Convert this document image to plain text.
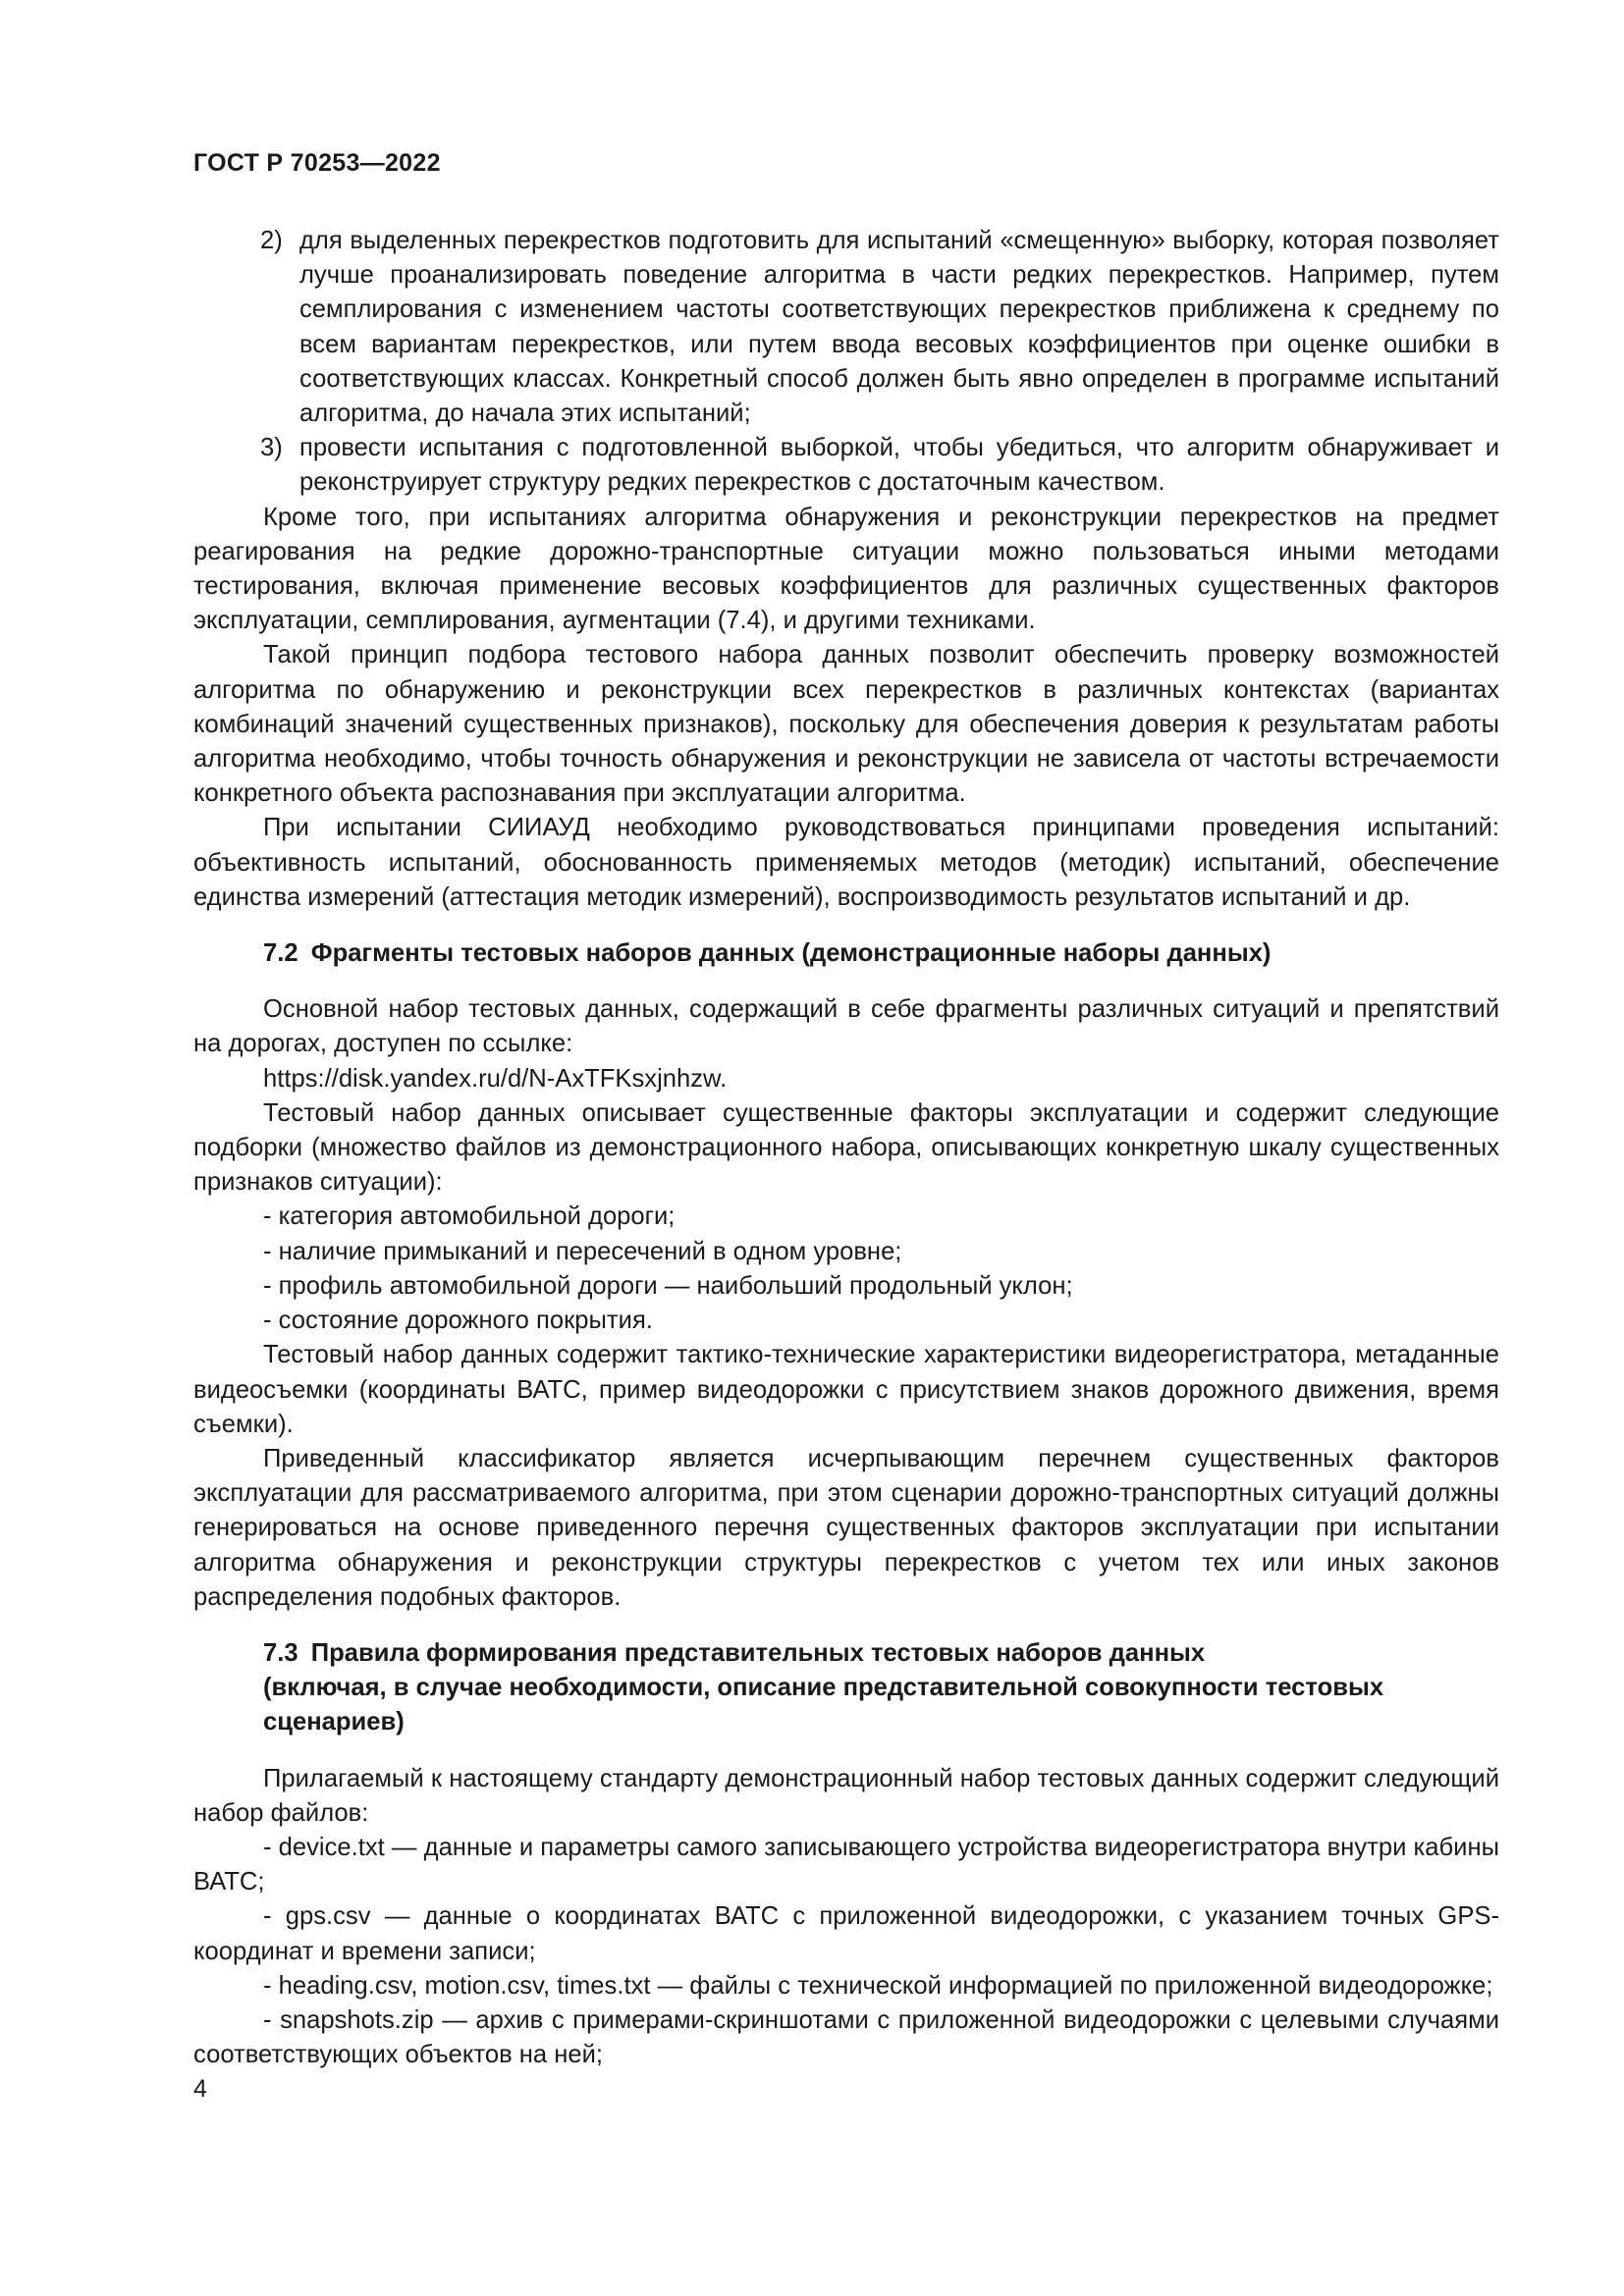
ГОСТ Р 70253—2022

2) для выделенных перекрестков подготовить для испытаний «смещенную» выборку, которая позволяет лучше проанализировать поведение алгоритма в части редких перекрестков. Например, путем семплирования с изменением частоты соответствующих перекрестков приближена к среднему по всем вариантам перекрестков, или путем ввода весовых коэффициентов при оценке ошибки в соответствующих классах. Конкретный способ должен быть явно определен в программе испытаний алгоритма, до начала этих испытаний;

3) провести испытания с подготовленной выборкой, чтобы убедиться, что алгоритм обнаруживает и реконструирует структуру редких перекрестков с достаточным качеством.

Кроме того, при испытаниях алгоритма обнаружения и реконструкции перекрестков на предмет реагирования на редкие дорожно-транспортные ситуации можно пользоваться иными методами тестирования, включая применение весовых коэффициентов для различных существенных факторов эксплуатации, семплирования, аугментации (7.4), и другими техниками.

Такой принцип подбора тестового набора данных позволит обеспечить проверку возможностей алгоритма по обнаружению и реконструкции всех перекрестков в различных контекстах (вариантах комбинаций значений существенных признаков), поскольку для обеспечения доверия к результатам работы алгоритма необходимо, чтобы точность обнаружения и реконструкции не зависела от частоты встречаемости конкретного объекта распознавания при эксплуатации алгоритма.

При испытании СИИАУД необходимо руководствоваться принципами проведения испытаний: объективность испытаний, обоснованность применяемых методов (методик) испытаний, обеспечение единства измерений (аттестация методик измерений), воспроизводимость результатов испытаний и др.

7.2 Фрагменты тестовых наборов данных (демонстрационные наборы данных)

Основной набор тестовых данных, содержащий в себе фрагменты различных ситуаций и препятствий на дорогах, доступен по ссылке:

https://disk.yandex.ru/d/N-AxTFKsxjnhzw.

Тестовый набор данных описывает существенные факторы эксплуатации и содержит следующие подборки (множество файлов из демонстрационного набора, описывающих конкретную шкалу существенных признаков ситуации):

- категория автомобильной дороги;

- наличие примыканий и пересечений в одном уровне;

- профиль автомобильной дороги — наибольший продольный уклон;

- состояние дорожного покрытия.

Тестовый набор данных содержит тактико-технические характеристики видеорегистратора, метаданные видеосъемки (координаты ВАТС, пример видеодорожки с присутствием знаков дорожного движения, время съемки).

Приведенный классификатор является исчерпывающим перечнем существенных факторов эксплуатации для рассматриваемого алгоритма, при этом сценарии дорожно-транспортных ситуаций должны генерироваться на основе приведенного перечня существенных факторов эксплуатации при испытании алгоритма обнаружения и реконструкции структуры перекрестков с учетом тех или иных законов распределения подобных факторов.

7.3 Правила формирования представительных тестовых наборов данных
(включая, в случае необходимости, описание представительной совокупности тестовых
сценариев)

Прилагаемый к настоящему стандарту демонстрационный набор тестовых данных содержит следующий набор файлов:

- device.txt — данные и параметры самого записывающего устройства видеорегистратора внутри кабины ВАТС;

- gps.csv — данные о координатах ВАТС с приложенной видеодорожки, с указанием точных GPS-координат и времени записи;

- heading.csv, motion.csv, times.txt — файлы с технической информацией по приложенной видеодорожке;

- snapshots.zip — архив с примерами-скриншотами с приложенной видеодорожки с целевыми случаями соответствующих объектов на ней;

4
